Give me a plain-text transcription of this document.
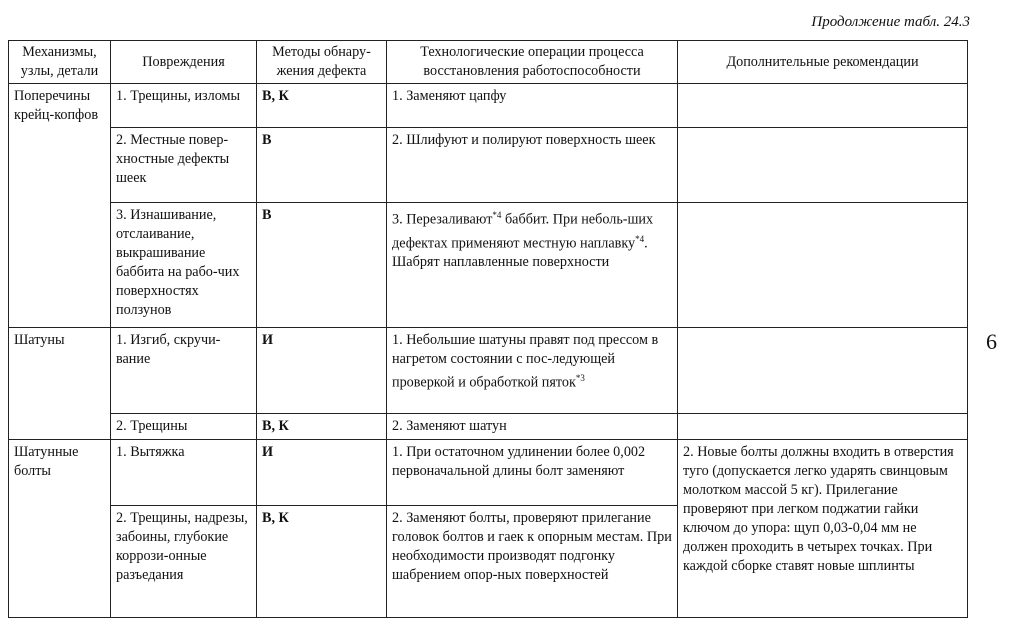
Продолжение табл. 24.3
6
Механизмы, узлы, детали	Повреждения	Методы обнару-жения дефекта	Технологические операции процесса восстановления работоспособности	Дополнительные рекомендации
Поперечины крейц-копфов	1. Трещины, изломы	В, К	1. Заменяют цапфу	
	2. Местные повер-хностные дефекты шеек	В	2. Шлифуют и полируют поверхность шеек	
	3. Изнашивание, отслаивание, выкрашивание баббита на рабо-чих поверхностях ползунов	В	3. Перезаливают$^{*4}$ баббит. При неболь-ших дефектах применяют местную наплавку$^{*4}$. Шабрят наплавленные поверхности	
Шатуны	1. Изгиб, скручи-вание	И	1. Небольшие шатуны правят под прессом в нагретом состоянии с пос-ледующей проверкой и обработкой пяток$^{*3}$	
	2. Трещины	В, К	2. Заменяют шатун	
Шатунные болты	1. Вытяжка	И	1. При остаточном удлинении более 0,002 первоначальной длины болт заменяют	2. Новые болты должны входить в отверстия туго (допускается легко ударять свинцовым молотком массой 5 кг). Прилегание проверяют при легком поджатии гайки ключом до упора: щуп 0,03-0,04 мм не должен проходить в четырех точках. При каждой сборке ставят новые шплинты
	2. Трещины, надрезы, забоины, глубокие коррози-онные разъедания	В, К	2. Заменяют болты, проверяют прилегание головок болтов и гаек к опорным местам. При необходимости производят подгонку шабрением опор-ных поверхностей	
